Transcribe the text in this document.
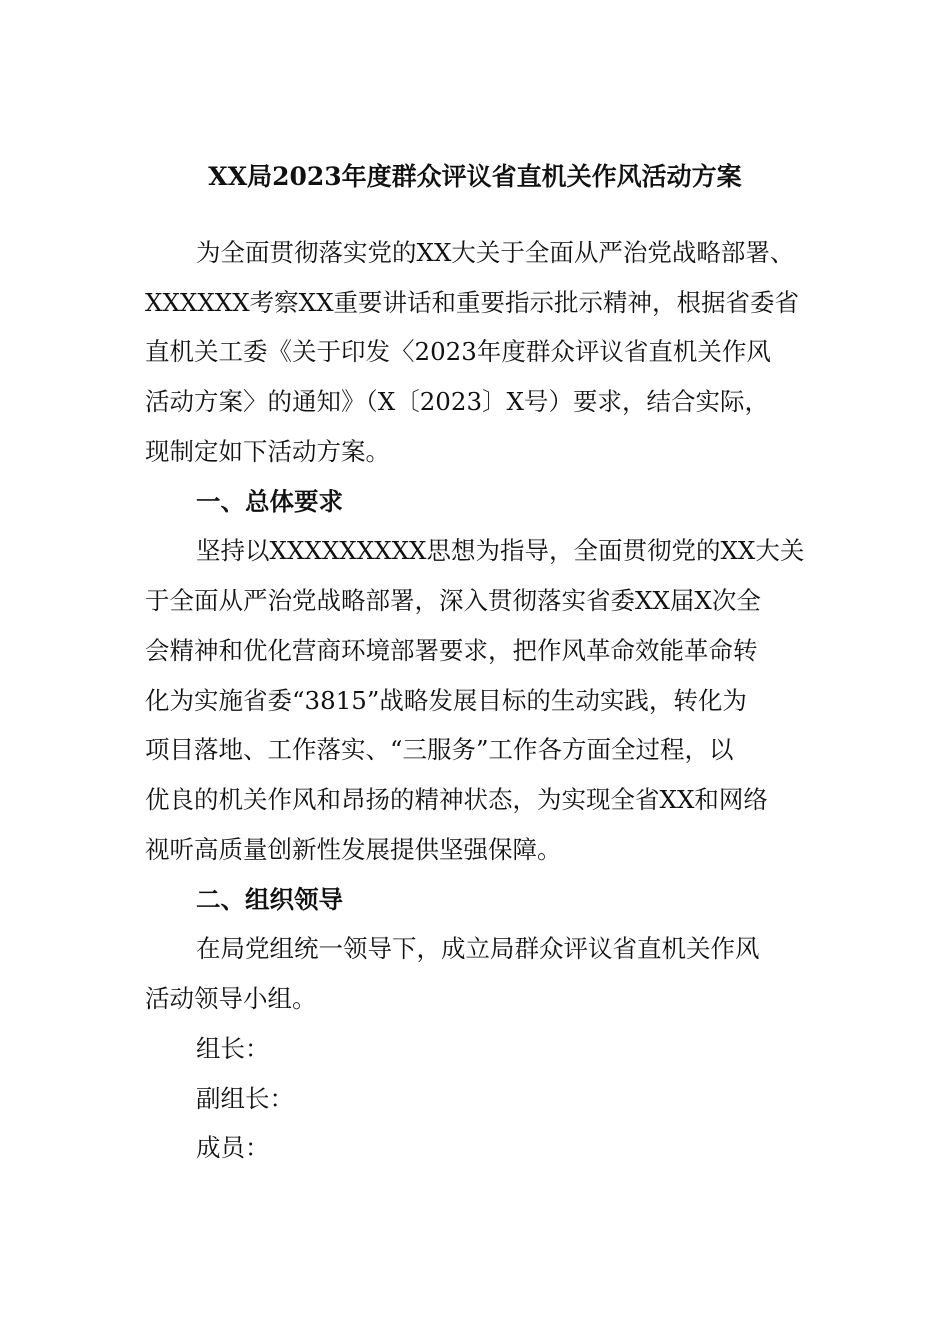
XX局2023年度群众评议省直机关作风活动方案
为全面贯彻落实党的XX大关于全面从严治党战略部署、
XXXXXX考察XX重要讲话和重要指示批示精神，根据省委省
直机关工委《关于印发〈2023年度群众评议省直机关作风
活动方案〉的通知》（X〔2023〕X号）要求，结合实际，
现制定如下活动方案。
一、总体要求
坚持以XXXXXXXXX思想为指导，全面贯彻党的XX大关
于全面从严治党战略部署，深入贯彻落实省委XX届X次全
会精神和优化营商环境部署要求，把作风革命效能革命转
化为实施省委“3815”战略发展目标的生动实践，转化为
项目落地、工作落实、“三服务”工作各方面全过程，以
优良的机关作风和昂扬的精神状态，为实现全省XX和网络
视听高质量创新性发展提供坚强保障。
二、组织领导
在局党组统一领导下，成立局群众评议省直机关作风
活动领导小组。
组长：
副组长：
成员：
